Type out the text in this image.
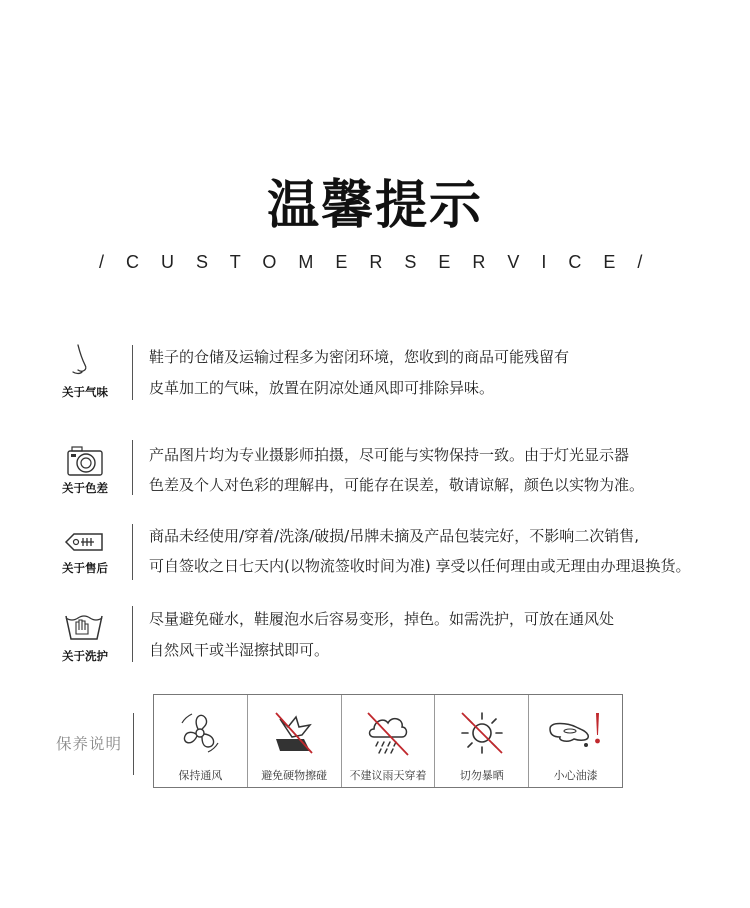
温馨提示
/ C U S T O M E R S E R V I C E /
关于气味
鞋子的仓储及运输过程多为密闭环境，您收到的商品可能残留有
皮革加工的气味，放置在阴凉处通风即可排除异味。
关于色差
产品图片均为专业摄影师拍摄，尽可能与实物保持一致。由于灯光显示器
色差及个人对色彩的理解冉，可能存在误差，敬请谅解，颜色以实物为准。
关于售后
商品未经使用/穿着/洗涤/破损/吊牌未摘及产品包装完好，不影响二次销售,
可自签收之日七天内(以物流签收时间为准) 享受以任何理由或无理由办理退换货。
关于洗护
尽量避免碰水，鞋履泡水后容易变形，掉色。如需洗护，可放在通风处
自然风干或半湿擦拭即可。
保养说明
保持通风	避免硬物擦碰	不建议雨天穿着	切勿暴晒	小心油漆
